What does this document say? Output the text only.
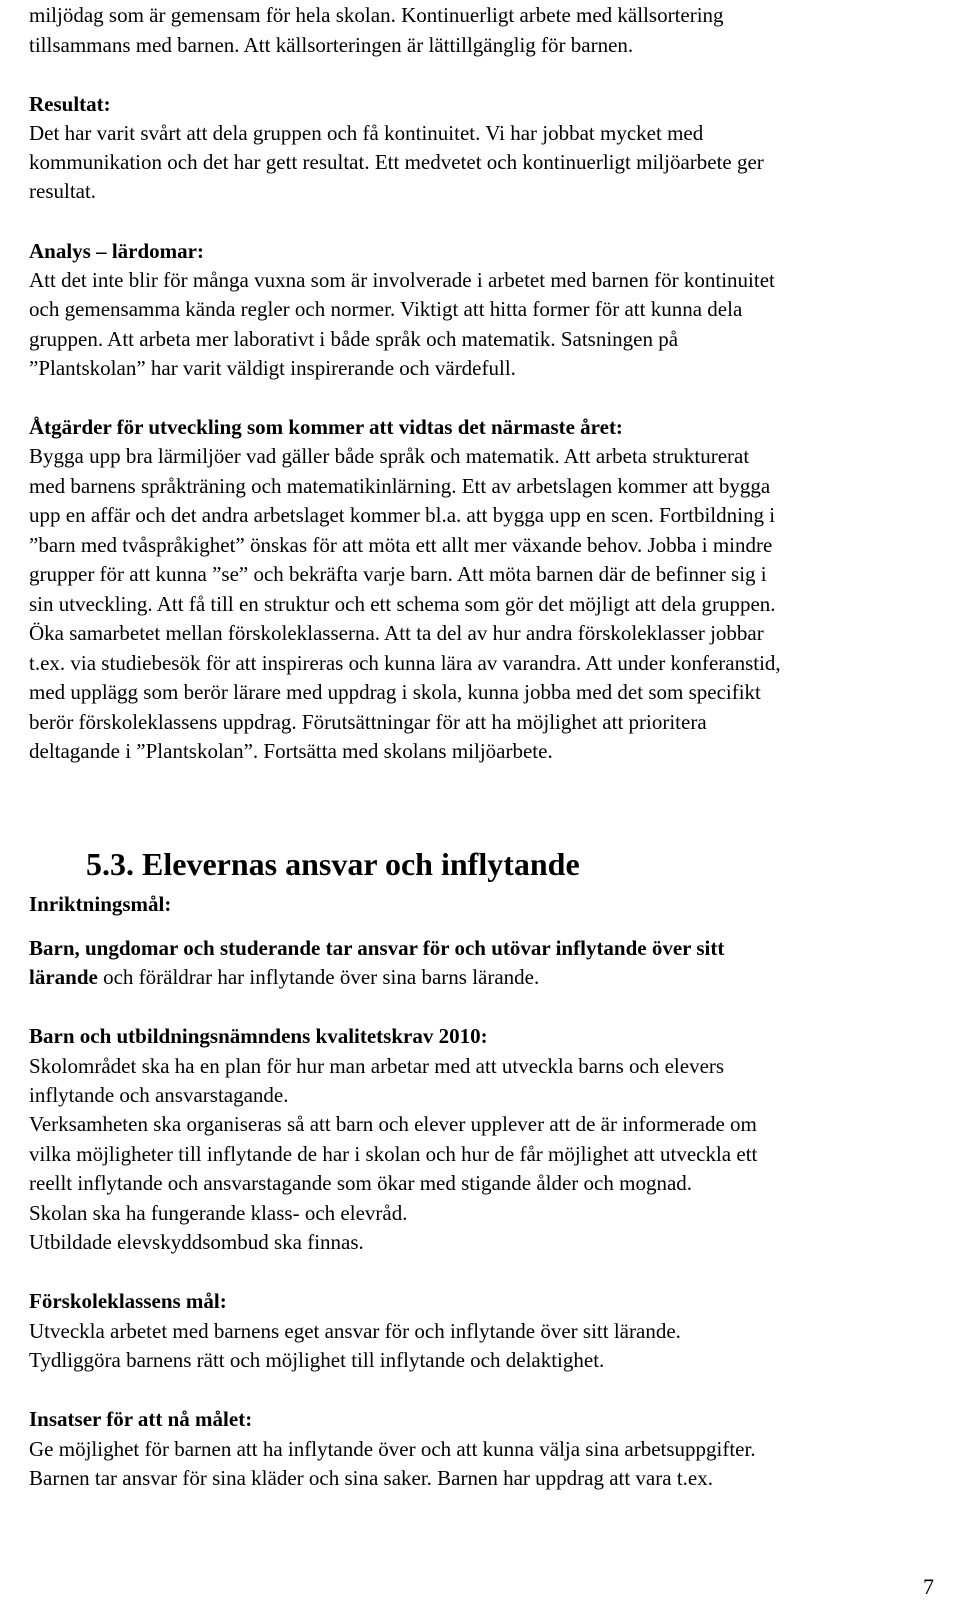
miljödag som är gemensam för hela skolan. Kontinuerligt arbete med källsortering
tillsammans med barnen. Att källsorteringen är lättillgänglig för barnen.
Resultat:
Det har varit svårt att dela gruppen och få kontinuitet. Vi har jobbat mycket med
kommunikation och det har gett resultat. Ett medvetet och kontinuerligt miljöarbete ger
resultat.
Analys – lärdomar:
Att det inte blir för många vuxna som är involverade i arbetet med barnen för kontinuitet
och gemensamma kända regler och normer. Viktigt att hitta former för att kunna dela
gruppen. Att arbeta mer laborativt i både språk och matematik. Satsningen på
”Plantskolan” har varit väldigt inspirerande och värdefull.
Åtgärder för utveckling som kommer att vidtas det närmaste året:
Bygga upp bra lärmiljöer vad gäller både språk och matematik. Att arbeta strukturerat
med barnens språkträning och matematikinlärning. Ett av arbetslagen kommer att bygga
upp en affär och det andra arbetslaget kommer bl.a. att bygga upp en scen. Fortbildning i
”barn med tvåspråkighet” önskas för att möta ett allt mer växande behov. Jobba i mindre
grupper för att kunna ”se” och bekräfta varje barn. Att möta barnen där de befinner sig i
sin utveckling. Att få till en struktur och ett schema som gör det möjligt att dela gruppen.
Öka samarbetet mellan förskoleklasserna. Att ta del av hur andra förskoleklasser jobbar
t.ex. via studiebesök för att inspireras och kunna lära av varandra. Att under konferanstid,
med upplägg som berör lärare med uppdrag i skola, kunna jobba med det som specifikt
berör förskoleklassens uppdrag. Förutsättningar för att ha möjlighet att prioritera
deltagande i ”Plantskolan”. Fortsätta med skolans miljöarbete.
Inriktningsmål:
Barn, ungdomar och studerande tar ansvar för och utövar inflytande över sitt
lärande och föräldrar har inflytande över sina barns lärande.
Barn och utbildningsnämndens kvalitetskrav 2010:
Skolområdet ska ha en plan för hur man arbetar med att utveckla barns och elevers
inflytande och ansvarstagande.
Verksamheten ska organiseras så att barn och elever upplever att de är informerade om
vilka möjligheter till inflytande de har i skolan och hur de får möjlighet att utveckla ett
reellt inflytande och ansvarstagande som ökar med stigande ålder och mognad.
Skolan ska ha fungerande klass- och elevråd.
Utbildade elevskyddsombud ska finnas.
Förskoleklassens mål:
Utveckla arbetet med barnens eget ansvar för och inflytande över sitt lärande.
Tydliggöra barnens rätt och möjlighet till inflytande och delaktighet.
Insatser för att nå målet:
Ge möjlighet för barnen att ha inflytande över och att kunna välja sina arbetsuppgifter.
Barnen tar ansvar för sina kläder och sina saker. Barnen har uppdrag att vara t.ex.
5.3. Elevernas ansvar och inflytande
7
